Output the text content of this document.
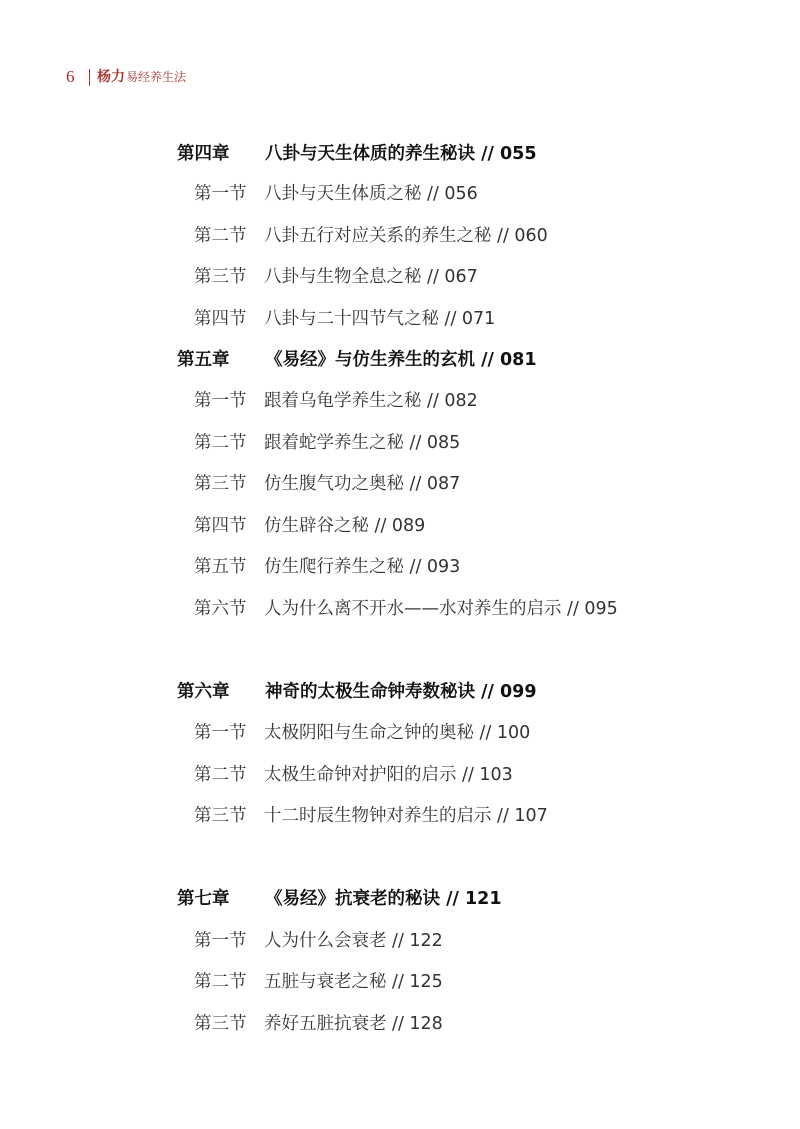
6 杨力 易经养生法
第四章	八卦与天生体质的养生秘诀 // 055
第一节	八卦与天生体质之秘 // 056
第二节	八卦五行对应关系的养生之秘 // 060
第三节	八卦与生物全息之秘 // 067
第四节	八卦与二十四节气之秘 // 071
第五章	《易经》与仿生养生的玄机 // 081
第一节	跟着乌龟学养生之秘 // 082
第二节	跟着蛇学养生之秘 // 085
第三节	仿生腹气功之奥秘 // 087
第四节	仿生辟谷之秘 // 089
第五节	仿生爬行养生之秘 // 093
第六节	人为什么离不开水——水对养生的启示 // 095
第六章	神奇的太极生命钟寿数秘诀 // 099
第一节	太极阴阳与生命之钟的奥秘 // 100
第二节	太极生命钟对护阳的启示 // 103
第三节	十二时辰生物钟对养生的启示 // 107
第七章	《易经》抗衰老的秘诀 // 121
第一节	人为什么会衰老 // 122
第二节	五脏与衰老之秘 // 125
第三节	养好五脏抗衰老 // 128
